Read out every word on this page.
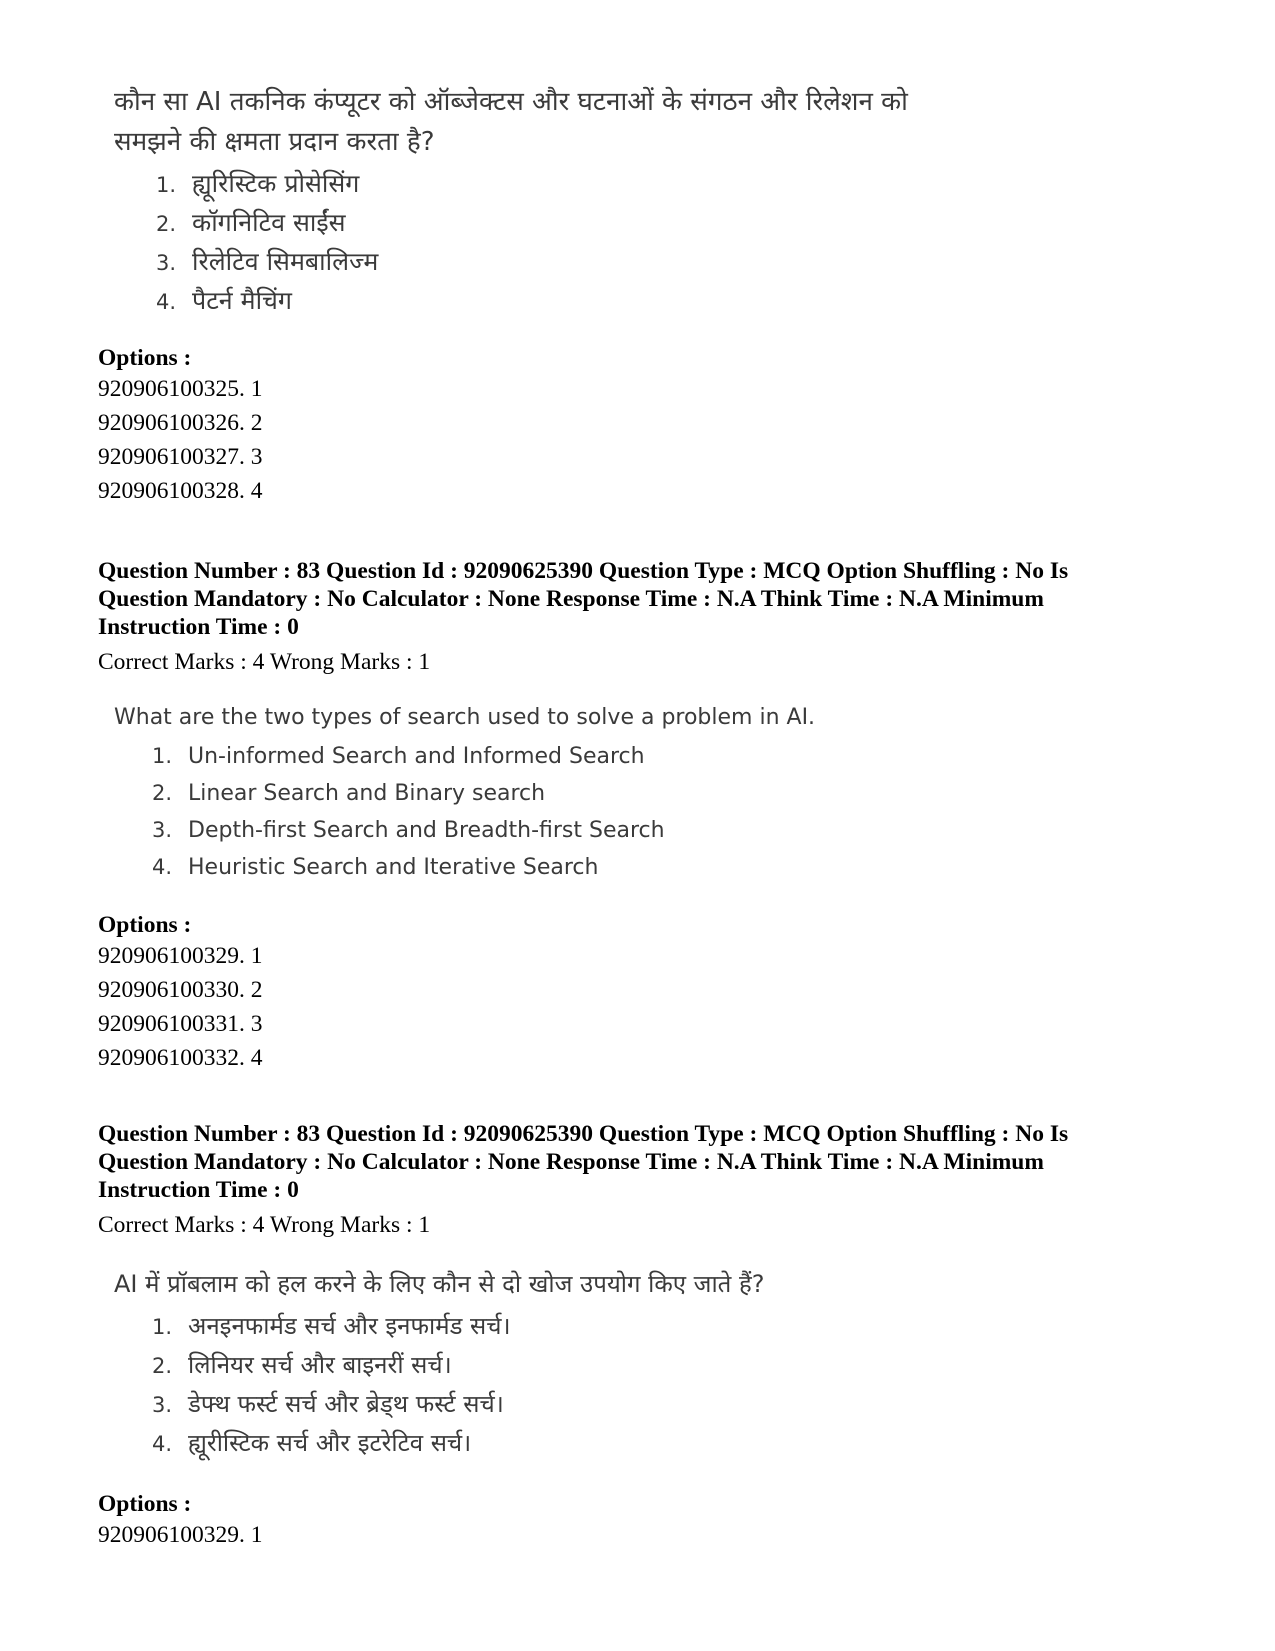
कौन सा AI तकनिक कंप्यूटर को ऑब्जेक्टस और घटनाओं के संगठन और रिलेशन को
समझने की क्षमता प्रदान करता है?
1. ह्यूरिस्टिक प्रोसेसिंग
2. कॉगनिटिव साईंस
3. रिलेटिव सिमबालिज्म
4. पैटर्न मैचिंग
Options :
920906100325. 1
920906100326. 2
920906100327. 3
920906100328. 4
Question Number : 83 Question Id : 92090625390 Question Type : MCQ Option Shuffling : No Is
Question Mandatory : No Calculator : None Response Time : N.A Think Time : N.A Minimum
Instruction Time : 0
Correct Marks : 4 Wrong Marks : 1
What are the two types of search used to solve a problem in AI.
1. Un-informed Search and Informed Search
2. Linear Search and Binary search
3. Depth-first Search and Breadth-first Search
4. Heuristic Search and Iterative Search
Options :
920906100329. 1
920906100330. 2
920906100331. 3
920906100332. 4
Question Number : 83 Question Id : 92090625390 Question Type : MCQ Option Shuffling : No Is
Question Mandatory : No Calculator : None Response Time : N.A Think Time : N.A Minimum
Instruction Time : 0
Correct Marks : 4 Wrong Marks : 1
AI में प्रॉबलाम को हल करने के लिए कौन से दो खोज उपयोग किए जाते हैं?
1. अनइनफार्मड सर्च और इनफार्मड सर्च।
2. लिनियर सर्च और बाइनरीं सर्च।
3. डेफ्थ फर्स्ट सर्च और ब्रेड्थ फर्स्ट सर्च।
4. ह्यूरीस्टिक सर्च और इटरेटिव सर्च।
Options :
920906100329. 1
